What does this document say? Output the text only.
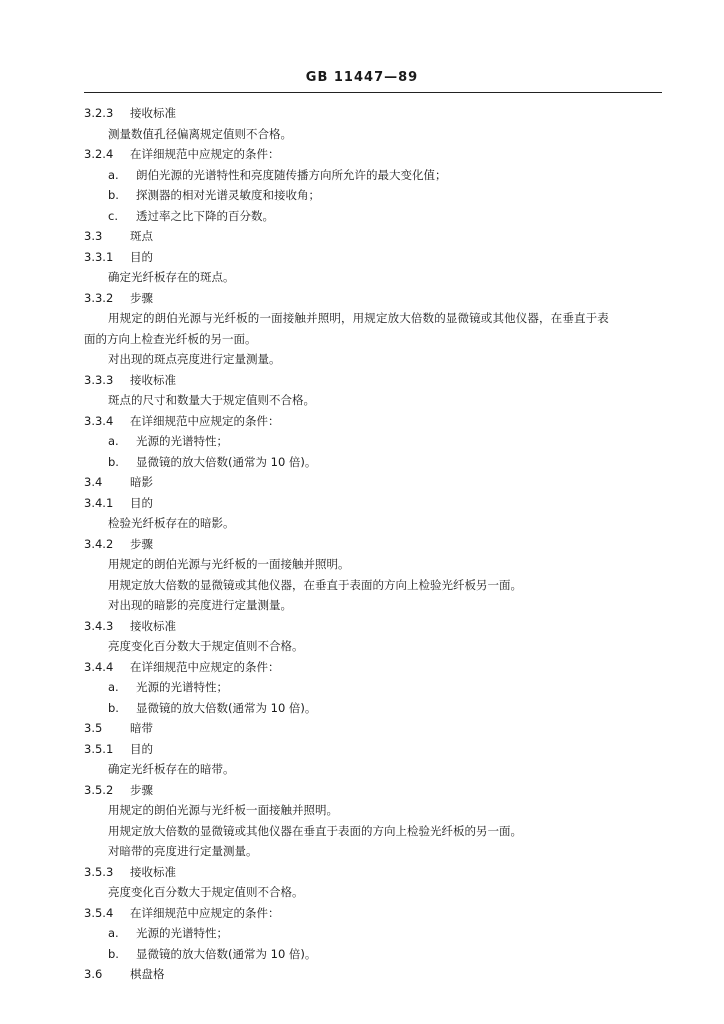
GB 11447—89
3.2.3 接收标准
测量数值孔径偏离规定值则不合格。
3.2.4 在详细规范中应规定的条件：
a. 朗伯光源的光谱特性和亮度随传播方向所允许的最大变化值；
b. 探测器的相对光谱灵敏度和接收角；
c. 透过率之比下降的百分数。
3.3 斑点
3.3.1 目的
确定光纤板存在的斑点。
3.3.2 步骤
用规定的朗伯光源与光纤板的一面接触并照明，用规定放大倍数的显微镜或其他仪器，在垂直于表
面的方向上检查光纤板的另一面。
对出现的斑点亮度进行定量测量。
3.3.3 接收标准
斑点的尺寸和数量大于规定值则不合格。
3.3.4 在详细规范中应规定的条件：
a. 光源的光谱特性；
b. 显微镜的放大倍数(通常为 10 倍)。
3.4 暗影
3.4.1 目的
检验光纤板存在的暗影。
3.4.2 步骤
用规定的朗伯光源与光纤板的一面接触并照明。
用规定放大倍数的显微镜或其他仪器，在垂直于表面的方向上检验光纤板另一面。
对出现的暗影的亮度进行定量测量。
3.4.3 接收标准
亮度变化百分数大于规定值则不合格。
3.4.4 在详细规范中应规定的条件：
a. 光源的光谱特性；
b. 显微镜的放大倍数(通常为 10 倍)。
3.5 暗带
3.5.1 目的
确定光纤板存在的暗带。
3.5.2 步骤
用规定的朗伯光源与光纤板一面接触并照明。
用规定放大倍数的显微镜或其他仪器在垂直于表面的方向上检验光纤板的另一面。
对暗带的亮度进行定量测量。
3.5.3 接收标准
亮度变化百分数大于规定值则不合格。
3.5.4 在详细规范中应规定的条件：
a. 光源的光谱特性；
b. 显微镜的放大倍数(通常为 10 倍)。
3.6 棋盘格
